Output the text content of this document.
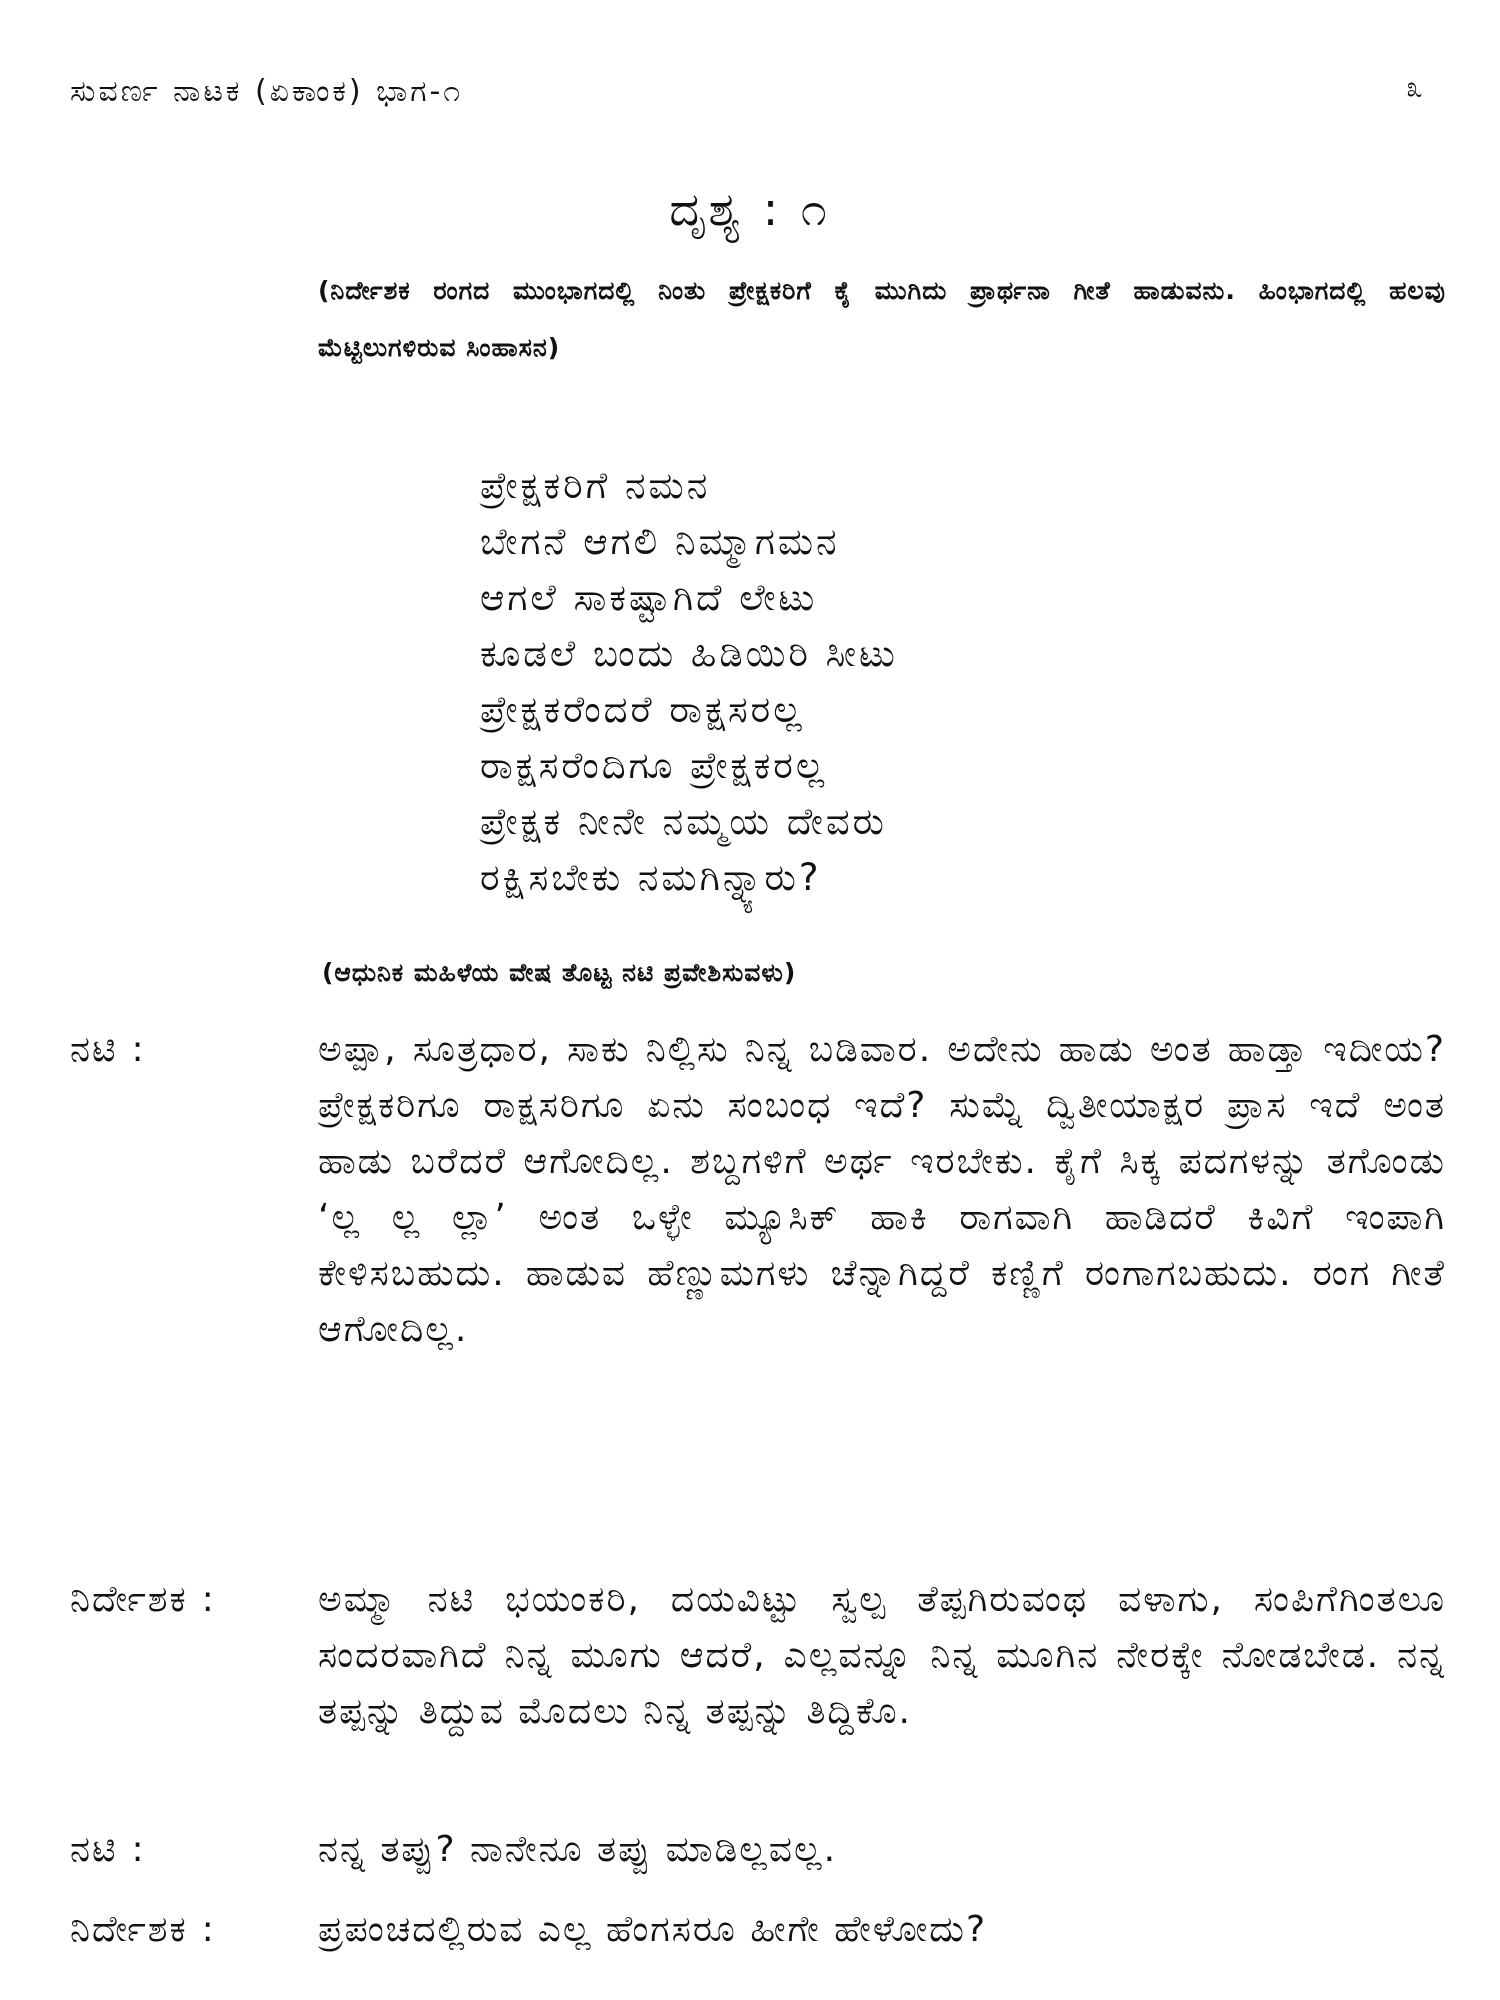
ಸುವರ್ಣ ನಾಟಕ (ಏಕಾಂಕ) ಭಾಗ-೧	೩
ದೃಶ್ಯ : ೧
(ನಿರ್ದೇಶಕ ರಂಗದ ಮುಂಭಾಗದಲ್ಲಿ ನಿಂತು ಪ್ರೇಕ್ಷಕರಿಗೆ ಕೈ ಮುಗಿದು ಪ್ರಾರ್ಥನಾ ಗೀತೆ ಹಾಡುವನು. ಹಿಂಭಾಗದಲ್ಲಿ ಹಲವು ಮೆಟ್ಟಿಲುಗಳಿರುವ ಸಿಂಹಾಸನ)
ಪ್ರೇಕ್ಷಕರಿಗೆ ನಮನ
ಬೇಗನೆ ಆಗಲಿ ನಿಮ್ಮಾಗಮನ
ಆಗಲೆ ಸಾಕಷ್ಟಾಗಿದೆ ಲೇಟು
ಕೂಡಲೆ ಬಂದು ಹಿಡಿಯಿರಿ ಸೀಟು
ಪ್ರೇಕ್ಷಕರೆಂದರೆ ರಾಕ್ಷಸರಲ್ಲ
ರಾಕ್ಷಸರೆಂದಿಗೂ ಪ್ರೇಕ್ಷಕರಲ್ಲ
ಪ್ರೇಕ್ಷಕ ನೀನೇ ನಮ್ಮಯ ದೇವರು
ರಕ್ಷಿಸಬೇಕು ನಮಗಿನ್ನ್ಯಾರು?
(ಆಧುನಿಕ ಮಹಿಳೆಯ ವೇಷ ತೊಟ್ಟ ನಟಿ ಪ್ರವೇಶಿಸುವಳು)
ನಟಿ :	ಅಪ್ಪಾ, ಸೂತ್ರಧಾರ, ಸಾಕು ನಿಲ್ಲಿಸು ನಿನ್ನ ಬಡಿವಾರ. ಅದೇನು ಹಾಡು ಅಂತ ಹಾಡ್ತಾ ಇದೀಯ? ಪ್ರೇಕ್ಷಕರಿಗೂ ರಾಕ್ಷಸರಿಗೂ ಏನು ಸಂಬಂಧ ಇದೆ? ಸುಮ್ನೆ ದ್ವಿತೀಯಾಕ್ಷರ ಪ್ರಾಸ ಇದೆ ಅಂತ ಹಾಡು ಬರೆದರೆ ಆಗೋದಿಲ್ಲ. ಶಬ್ದಗಳಿಗೆ ಅರ್ಥ ಇರಬೇಕು. ಕೈಗೆ ಸಿಕ್ಕ ಪದಗಳನ್ನು ತಗೊಂಡು ‘ಲ್ಲ ಲ್ಲ ಲ್ಲಾ’ ಅಂತ ಒಳ್ಳೇ ಮ್ಯೂಸಿಕ್ ಹಾಕಿ ರಾಗವಾಗಿ ಹಾಡಿದರೆ ಕಿವಿಗೆ ಇಂಪಾಗಿ ಕೇಳಿಸಬಹುದು. ಹಾಡುವ ಹೆಣ್ಣುಮಗಳು ಚೆನ್ನಾಗಿದ್ದರೆ ಕಣ್ಣಿಗೆ ರಂಗಾಗಬಹುದು. ರಂಗ ಗೀತೆ ಆಗೋದಿಲ್ಲ.
ನಿರ್ದೇಶಕ :	ಅಮ್ಮಾ ನಟಿ ಭಯಂಕರಿ, ದಯವಿಟ್ಟು ಸ್ವಲ್ಪ ತೆಪ್ಪಗಿರುವಂಥ ವಳಾಗು, ಸಂಪಿಗೆಗಿಂತಲೂ ಸಂದರವಾಗಿದೆ ನಿನ್ನ ಮೂಗು ಆದರೆ, ಎಲ್ಲವನ್ನೂ ನಿನ್ನ ಮೂಗಿನ ನೇರಕ್ಕೇ ನೋಡಬೇಡ. ನನ್ನ ತಪ್ಪನ್ನು ತಿದ್ದುವ ಮೊದಲು ನಿನ್ನ ತಪ್ಪನ್ನು ತಿದ್ದಿಕೊ.
ನಟಿ :	ನನ್ನ ತಪ್ಪು? ನಾನೇನೂ ತಪ್ಪು ಮಾಡಿಲ್ಲವಲ್ಲ.
ನಿರ್ದೇಶಕ :	ಪ್ರಪಂಚದಲ್ಲಿರುವ ಎಲ್ಲ ಹೆಂಗಸರೂ ಹೀಗೇ ಹೇಳೋದು?
